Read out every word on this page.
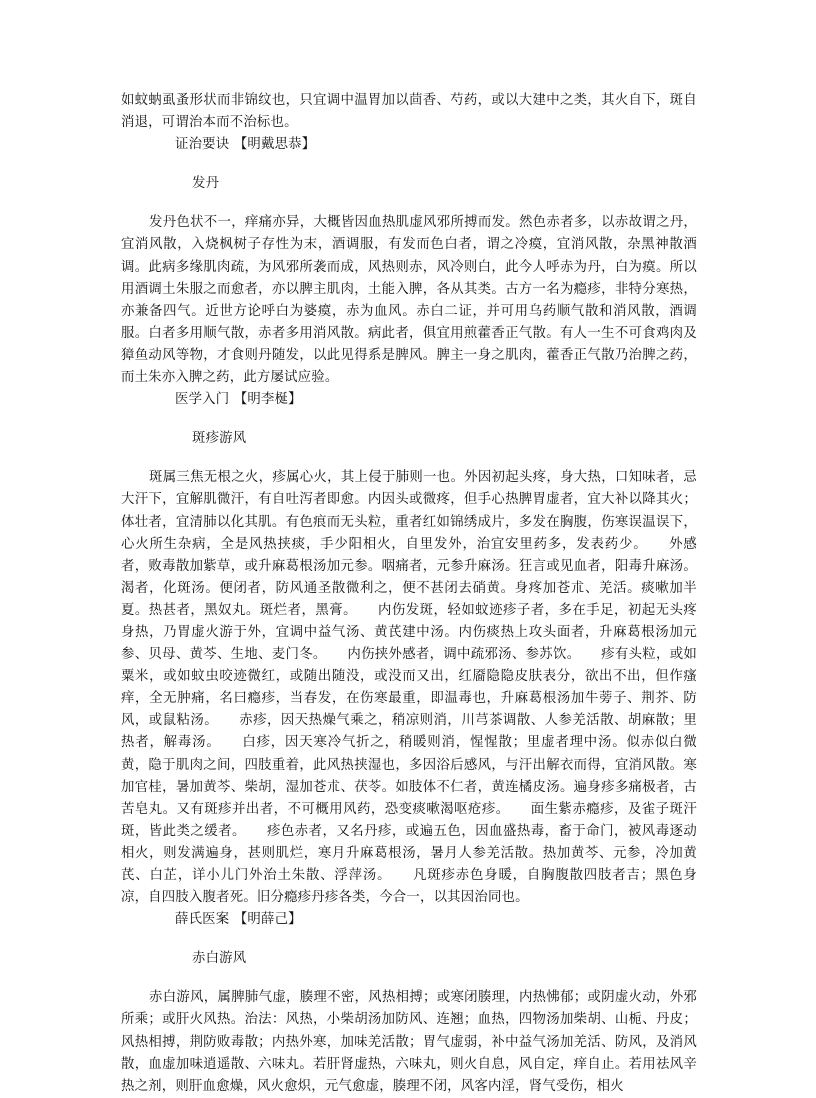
如蚊蚋虱蚤形状而非锦纹也，只宜调中温胃加以茴香、芍药，或以大建中之类，其火自下，斑自消退，可谓治本而不治标也。

证治要诀 【明戴思恭】

发丹

发丹色状不一，痒痛亦异，大概皆因血热肌虚风邪所搏而发。然色赤者多，以赤故谓之丹，宜消风散，入烧枫树子存性为末，酒调服，有发而色白者，谓之冷瘼，宜消风散，杂黑神散酒调。此病多缘肌肉疏，为风邪所袭而成，风热则赤，风冷则白，此今人呼赤为丹，白为瘼。所以用酒调土朱服之而愈者，亦以脾主肌肉，土能入脾，各从其类。古方一名为瘾疹，非特分寒热，亦兼备四气。近世方论呼白为婆瘼，赤为血风。赤白二证，并可用乌药顺气散和消风散，酒调服。白者多用顺气散，赤者多用消风散。病此者，俱宜用煎藿香正气散。有人一生不可食鸡肉及獐鱼动风等物，才食则丹随发，以此见得系是脾风。脾主一身之肌肉，藿香正气散乃治脾之药，而土朱亦入脾之药，此方屡试应验。

医学入门 【明李梴】

斑疹游风

斑属三焦无根之火，疹属心火，其上侵于肺则一也。外因初起头疼，身大热，口知味者，忌大汗下，宜解肌微汗，有自吐泻者即愈。内因头或微疼，但手心热脾胃虚者，宜大补以降其火；体壮者，宜清肺以化其肌。有色痕而无头粒，重者红如锦绣成片，多发在胸腹，伤寒误温误下，心火所生杂病，全是风热挟痰，手少阳相火，自里发外，治宜安里药多，发表药少。　　外感者，败毒散加紫草，或升麻葛根汤加元参。咽痛者，元参升麻汤。狂言或见血者，阳毒升麻汤。渴者，化斑汤。便闭者，防风通圣散微利之，便不甚闭去硝黄。身疼加苍朮、羌活。痰嗽加半夏。热甚者，黑奴丸。斑烂者，黑膏。　　内伤发斑，轻如蚊迹疹子者，多在手足，初起无头疼身热，乃胃虚火游于外，宜调中益气汤、黄芪建中汤。内伤痰热上攻头面者，升麻葛根汤加元参、贝母、黄芩、生地、麦门冬。　　内伤挟外感者，调中疏邪汤、参苏饮。　　疹有头粒，或如粟米，或如蚊虫咬迹微红，或随出随没，或没而又出，红靥隐隐皮肤表分，欲出不出，但作瘙痒，全无肿痛，名曰瘾疹，当春发，在伤寒最重，即温毒也，升麻葛根汤加牛蒡子、荆芥、防风，或鼠粘汤。　　赤疹，因天热燥气乘之，稍凉则消，川芎茶调散、人参羌活散、胡麻散；里热者，解毒汤。　　白疹，因天寒冷气折之，稍暖则消，惺惺散；里虚者理中汤。似赤似白微黄，隐于肌肉之间，四肢重着，此风热挟湿也，多因浴后感风，与汗出解衣而得，宜消风散。寒加官桂，暑加黄芩、柴胡，湿加苍朮、茯苓。如肢体不仁者，黄连橘皮汤。遍身疹多痛极者，古苦皂丸。又有斑疹并出者，不可概用风药，恐变痰嗽渴呕疮疹。　　面生紫赤瘾疹，及雀子斑汗斑，皆此类之缓者。　　疹色赤者，又名丹疹，或遍五色，因血盛热毒，畜于命门，被风毒逐动相火，则发满遍身，甚则肌烂，寒月升麻葛根汤，暑月人参羌活散。热加黄芩、元参，冷加黄芪、白芷，详小儿门外治土朱散、浮萍汤。　　凡斑疹赤色身暖，自胸腹散四肢者吉；黑色身凉，自四肢入腹者死。旧分瘾疹丹疹各类，今合一，以其因治同也。

薛氏医案 【明薛己】

赤白游风

赤白游风，属脾肺气虚，腠理不密，风热相搏；或寒闭腠理，内热怫郁；或阴虚火动，外邪所乘；或肝火风热。治法：风热，小柴胡汤加防风、连翘；血热，四物汤加柴胡、山栀、丹皮；风热相搏，荆防败毒散；内热外寒，加味羌活散；胃气虚弱，补中益气汤加羌活、防风，及消风散，血虚加味逍遥散、六味丸。若肝肾虚热，六味丸，则火自息，风自定，痒自止。若用祛风辛热之剂，则肝血愈燥，风火愈炽，元气愈虚，腠理不闭，风客内淫，肾气受伤，相火
